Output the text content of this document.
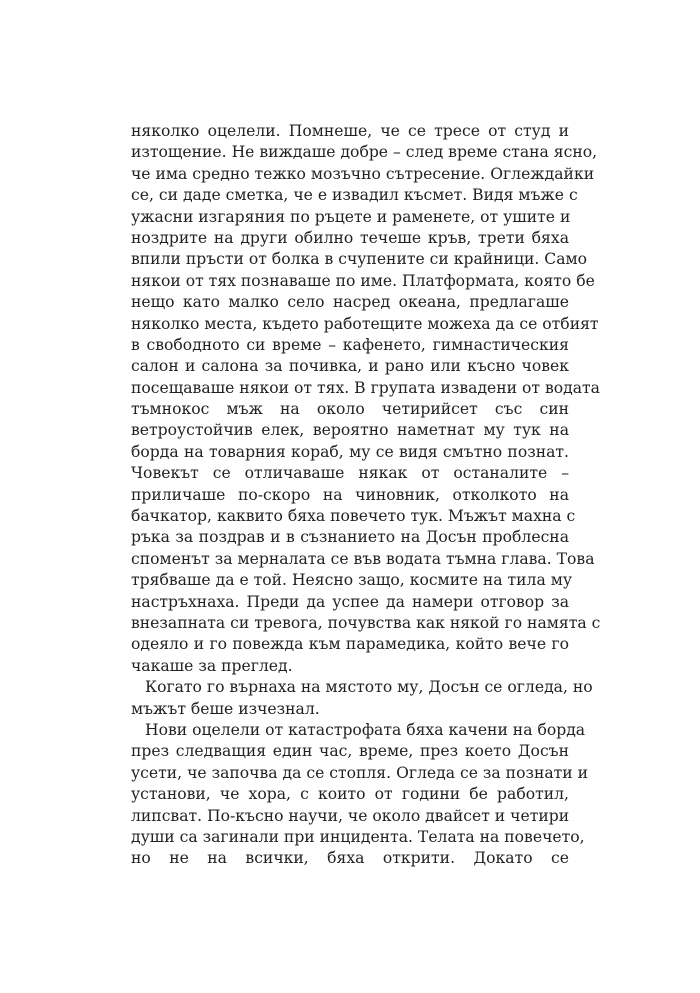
няколко оцелели. Помнеше, че се тресе от студ и
изтощение. Не виждаше добре – след време стана ясно,
че има средно тежко мозъчно сътресение. Оглеждайки
се, си даде сметка, че е извадил късмет. Видя мъже с
ужасни изгаряния по ръцете и раменете, от ушите и
ноздрите на други обилно течеше кръв, трети бяха
впили пръсти от болка в счупените си крайници. Само
някои от тях познаваше по име. Платформата, която бе
нещо като малко село насред океана, предлагаше
няколко места, където работещите можеха да се отбият
в свободното си време – кафенето, гимнастическия
салон и салона за почивка, и рано или късно човек
посещаваше някои от тях. В групата извадени от водата
тъмнокос мъж на около четирийсет със син
ветроустойчив елек, вероятно наметнат му тук на
борда на товарния кораб, му се видя смътно познат.
Човекът се отличаваше някак от останалите –
приличаше по-скоро на чиновник, отколкото на
бачкатор, каквито бяха повечето тук. Мъжът махна с
ръка за поздрав и в съзнанието на Досън проблесна
споменът за мерналата се във водата тъмна глава. Това
трябваше да е той. Неясно защо, космите на тила му
настръхнаха. Преди да успее да намери отговор за
внезапната си тревога, почувства как някой го намятa с
одеяло и го повежда към парамедика, който вече го
чакаше за преглед.
Когато го върнаха на мястото му, Досън се огледа, но
мъжът беше изчезнал.
Нови оцелели от катастрофата бяха качени на борда
през следващия един час, време, през което Досън
усети, че започва да се стопля. Огледа се за познати и
установи, че хора, с които от години бе работил,
липсват. По-късно научи, че около двайсет и четири
души са загинали при инцидента. Телата на повечето,
но не на всички, бяха открити. Докато се
